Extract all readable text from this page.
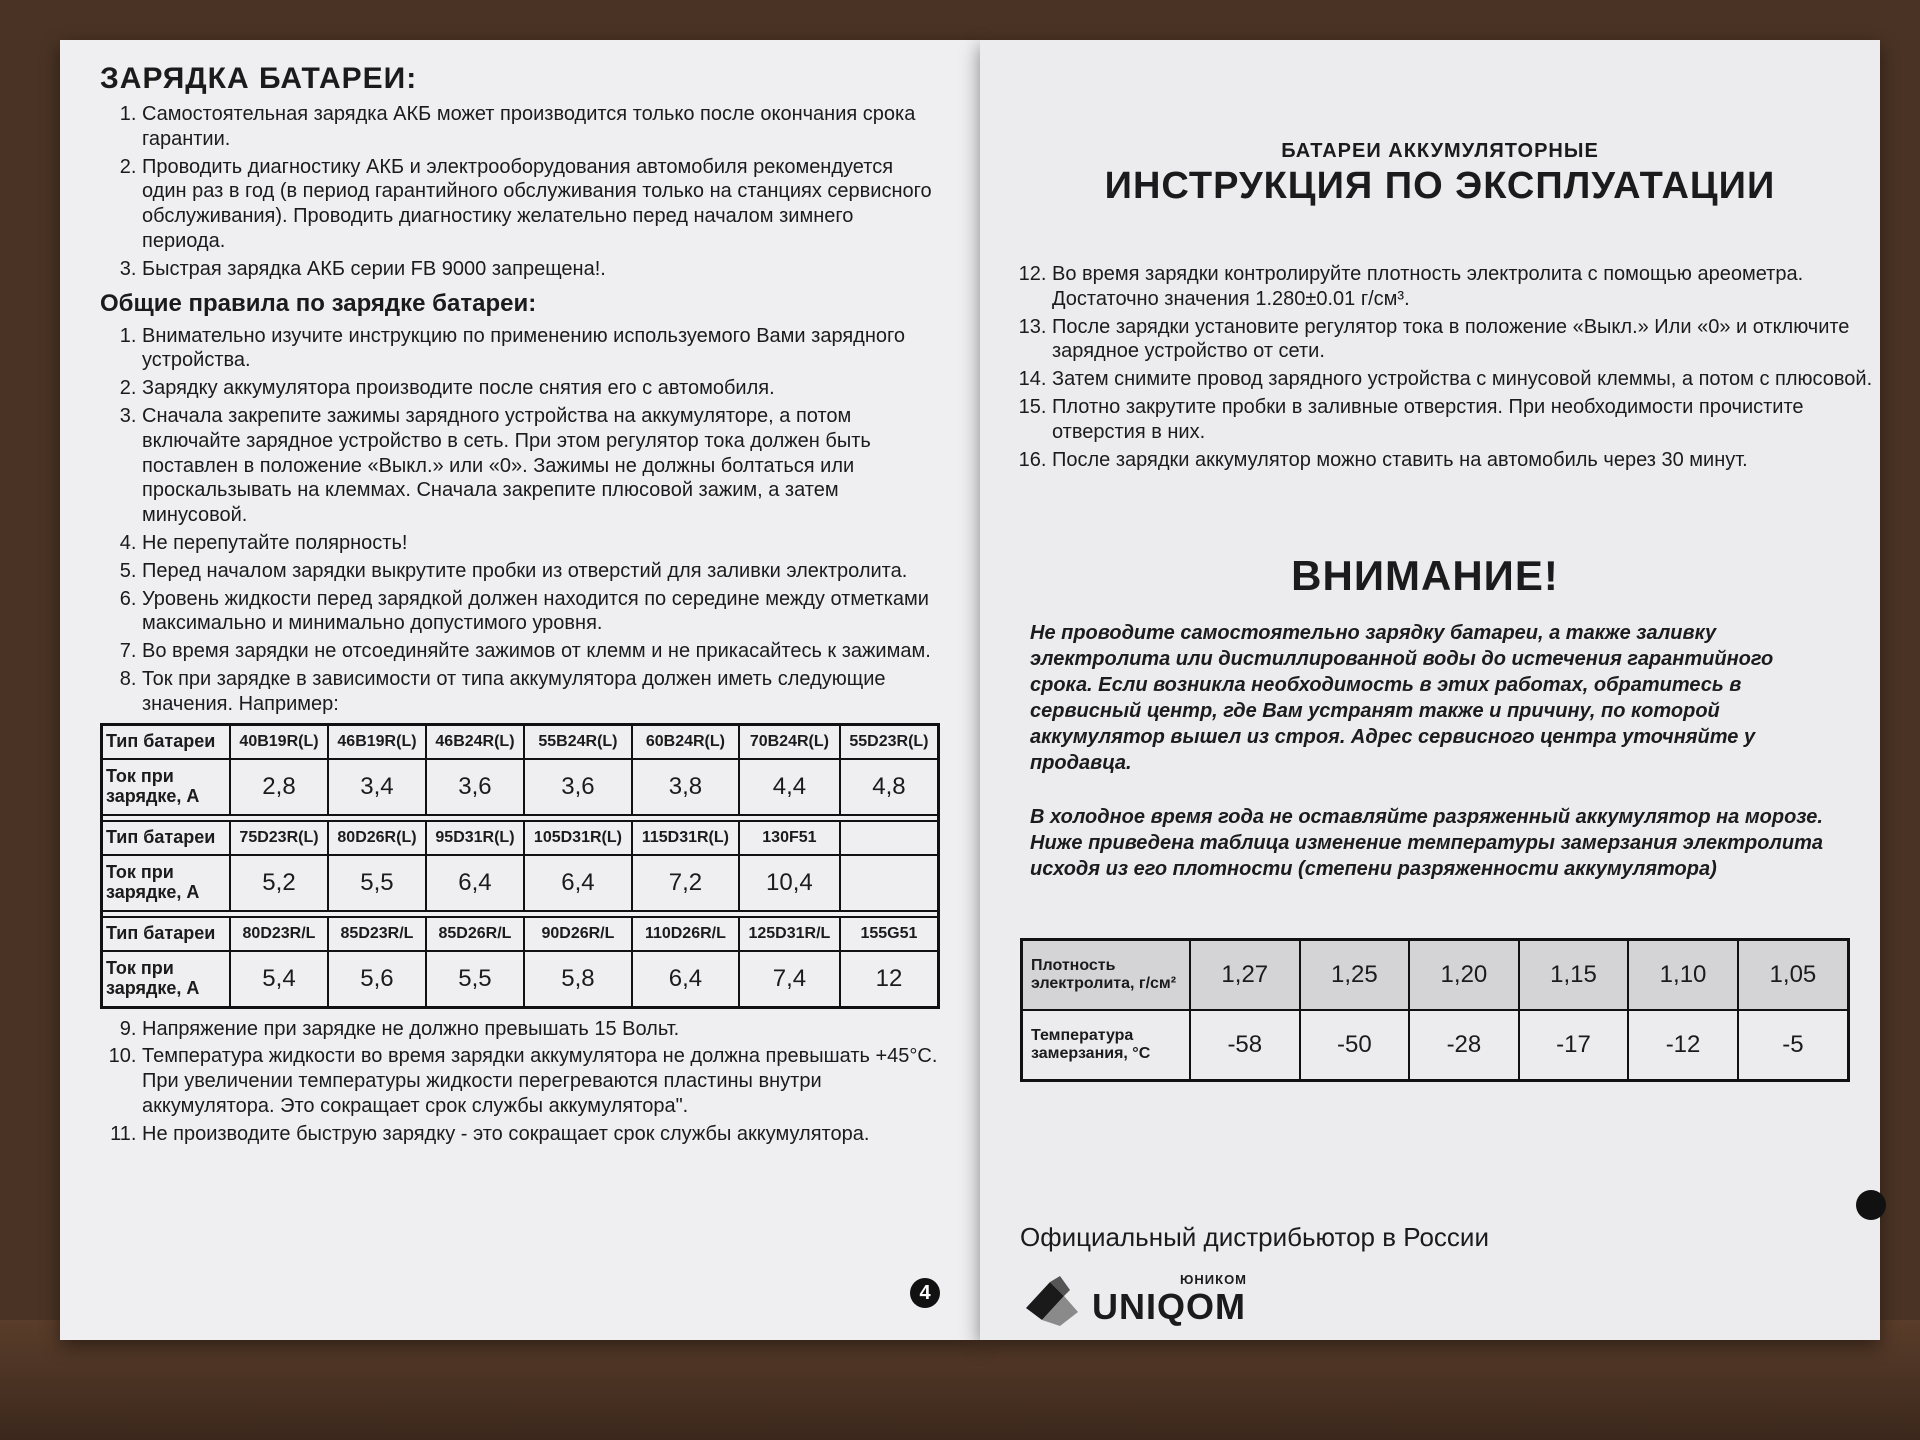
ЗАРЯДКА БАТАРЕИ:
1. Самостоятельная зарядка АКБ может производится только после окончания срока гарантии.
2. Проводить диагностику АКБ и электрооборудования автомобиля рекомендуется один раз в год (в период гарантийного обслуживания только на станциях сервисного обслуживания). Проводить диагностику желательно перед началом зимнего периода.
3. Быстрая зарядка АКБ серии FB 9000 запрещена!.
Общие правила по зарядке батареи:
1. Внимательно изучите инструкцию по применению используемого Вами зарядного устройства.
2. Зарядку аккумулятора производите после снятия его с автомобиля.
3. Сначала закрепите зажимы зарядного устройства на аккумуляторе, а потом включайте зарядное устройство в сеть. При этом регулятор тока должен быть поставлен в положение «Выкл.» или «0». Зажимы не должны болтаться или проскальзывать на клеммах. Сначала закрепите плюсовой зажим, а затем минусовой.
4. Не перепутайте полярность!
5. Перед началом зарядки выкрутите пробки из отверстий для заливки электролита.
6. Уровень жидкости перед зарядкой должен находится по середине между отметками максимально и минимально допустимого уровня.
7. Во время зарядки не отсоединяйте зажимов от клемм и не прикасайтесь к зажимам.
8. Ток при зарядке в зависимости от типа аккумулятора должен иметь следующие значения. Например:
Тип батареи	40B19R(L)	46B19R(L)	46B24R(L)	55B24R(L)	60B24R(L)	70B24R(L)	55D23R(L)
Ток при зарядке, А	2,8	3,4	3,6	3,6	3,8	4,4	4,8

Тип батареи	75D23R(L)	80D26R(L)	95D31R(L)	105D31R(L)	115D31R(L)	130F51	
Ток при зарядке, А	5,2	5,5	6,4	6,4	7,2	10,4	

Тип батареи	80D23R/L	85D23R/L	85D26R/L	90D26R/L	110D26R/L	125D31R/L	155G51
Ток при зарядке, А	5,4	5,6	5,5	5,8	6,4	7,4	12
9. Напряжение при зарядке не должно превышать 15 Вольт.
10. Температура жидкости во время зарядки аккумулятора не должна превышать +45°С. При увеличении температуры жидкости перегреваются пластины внутри аккумулятора. Это сокращает срок службы аккумулятора".
11. Не производите быструю зарядку - это сокращает срок службы аккумулятора.
4
БАТАРЕИ АККУМУЛЯТОРНЫЕ
ИНСТРУКЦИЯ ПО ЭКСПЛУАТАЦИИ
12. Во время зарядки контролируйте плотность электролита с помощью ареометра. Достаточно значения 1.280±0.01 г/см³.
13. После зарядки установите регулятор тока в положение «Выкл.» Или «0» и отключите зарядное устройство от сети.
14. Затем снимите провод зарядного устройства с минусовой клеммы, а потом с плюсовой.
15. Плотно закрутите пробки в заливные отверстия. При необходимости прочистите отверстия в них.
16. После зарядки аккумулятор можно ставить на автомобиль через 30 минут.
ВНИМАНИЕ!

Не проводите самостоятельно зарядку батареи, а также заливку электролита или дистиллированной воды до истечения гарантийного срока. Если возникла необходимость в этих работах, обратитесь в сервисный центр, где Вам устранят также и причину, по которой аккумулятор вышел из строя. Адрес сервисного центра уточняйте у продавца.

В холодное время года не оставляйте разряженный аккумулятор на морозе. Ниже приведена таблица изменение температуры замерзания электролита исходя из его плотности (степени разряженности аккумулятора)

Плотность электролита, г/см²	1,27	1,25	1,20	1,15	1,10	1,05
Температура замерзания, °С	-58	-50	-28	-17	-12	-5
Официальный дистрибьютор в России
ЮНИКОМ
UNIQOM
